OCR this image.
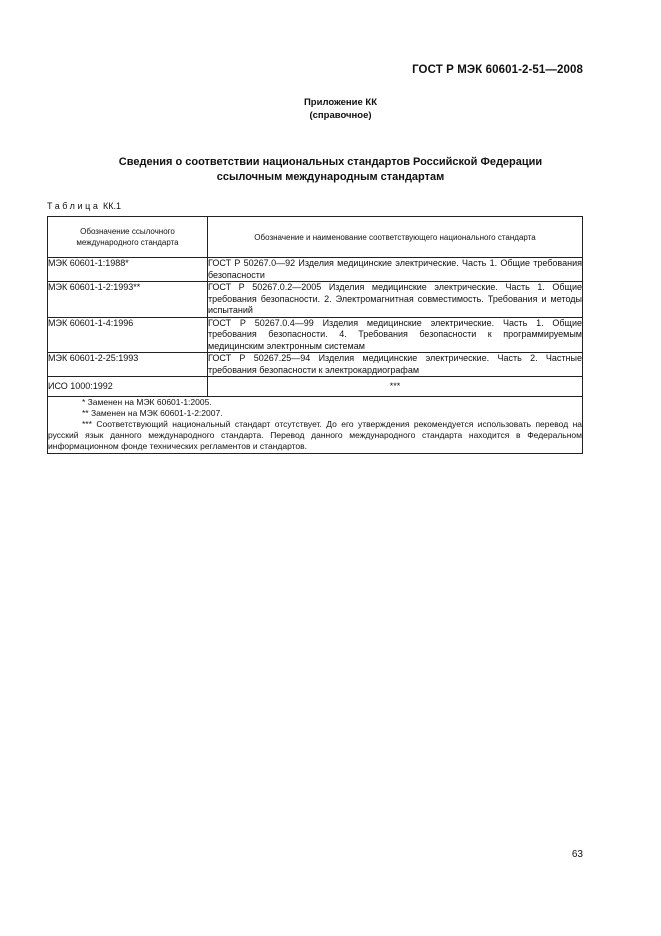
ГОСТ Р МЭК 60601-2-51—2008
Приложение КК
(справочное)
Сведения о соответствии национальных стандартов Российской Федерации
ссылочным международным стандартам
Таблица КК.1
Обозначение ссылочного международного стандарта	Обозначение и наименование соответствующего национального стандарта
МЭК 60601-1:1988*	ГОСТ Р 50267.0—92 Изделия медицинские электрические. Часть 1. Общие требования безопасности
МЭК 60601-1-2:1993**	ГОСТ Р 50267.0.2—2005 Изделия медицинские электрические. Часть 1. Общие требования безопасности. 2. Электромагнитная совместимость. Требования и методы испытаний
МЭК 60601-1-4:1996	ГОСТ Р 50267.0.4—99 Изделия медицинские электрические. Часть 1. Общие требования безопасности. 4. Требования безопасности к программируемым медицинским электронным системам
МЭК 60601-2-25:1993	ГОСТ Р 50267.25—94 Изделия медицинские электрические. Часть 2. Частные требования безопасности к электрокардиографам
ИСО 1000:1992	***

* Заменен на МЭК 60601-1:2005.
** Заменен на МЭК 60601-1-2:2007.
*** Соответствующий национальный стандарт отсутствует. До его утверждения рекомендуется использовать перевод на русский язык данного международного стандарта. Перевод данного международного стандарта находится в Федеральном информационном фонде технических регламентов и стандартов.	
63
